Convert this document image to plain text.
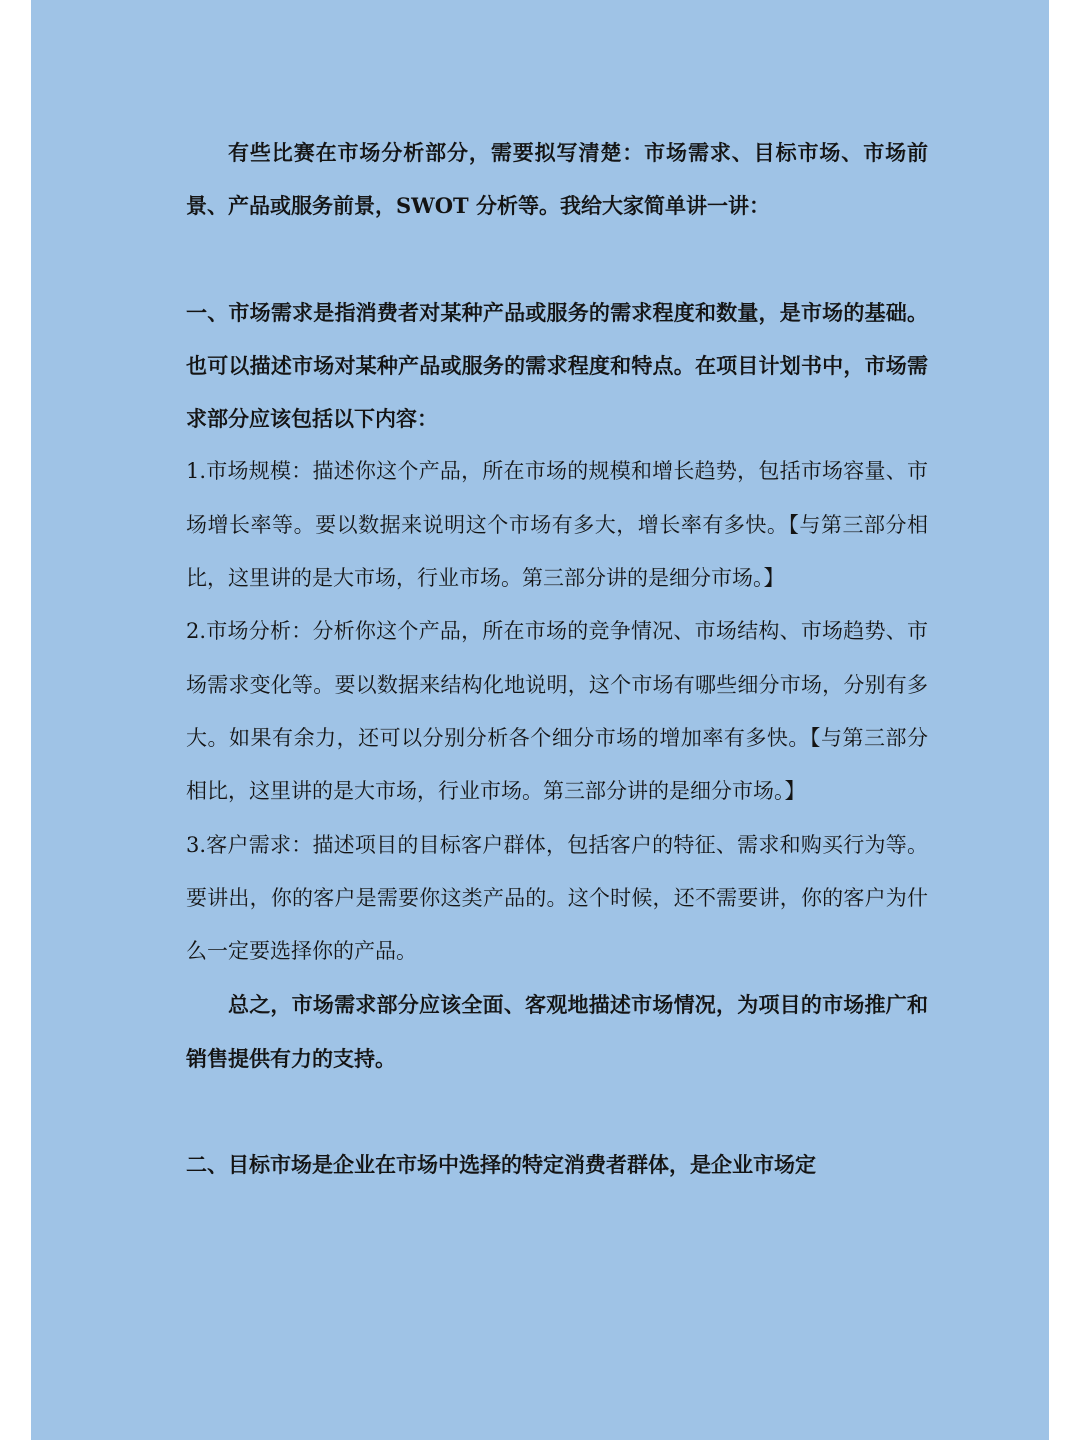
有些比赛在市场分析部分，需要拟写清楚：市场需求、目标市场、市场前景、产品或服务前景，SWOT 分析等。我给大家简单讲一讲：

一、市场需求是指消费者对某种产品或服务的需求程度和数量，是市场的基础。也可以描述市场对某种产品或服务的需求程度和特点。在项目计划书中，市场需求部分应该包括以下内容：

1.市场规模：描述你这个产品，所在市场的规模和增长趋势，包括市场容量、市场增长率等。要以数据来说明这个市场有多大，增长率有多快。【与第三部分相比，这里讲的是大市场，行业市场。第三部分讲的是细分市场。】

2.市场分析：分析你这个产品，所在市场的竞争情况、市场结构、市场趋势、市场需求变化等。要以数据来结构化地说明，这个市场有哪些细分市场，分别有多大。如果有余力，还可以分别分析各个细分市场的增加率有多快。【与第三部分相比，这里讲的是大市场，行业市场。第三部分讲的是细分市场。】

3.客户需求：描述项目的目标客户群体，包括客户的特征、需求和购买行为等。要讲出，你的客户是需要你这类产品的。这个时候，还不需要讲，你的客户为什么一定要选择你的产品。

总之，市场需求部分应该全面、客观地描述市场情况，为项目的市场推广和销售提供有力的支持。

二、目标市场是企业在市场中选择的特定消费者群体，是企业市场定
